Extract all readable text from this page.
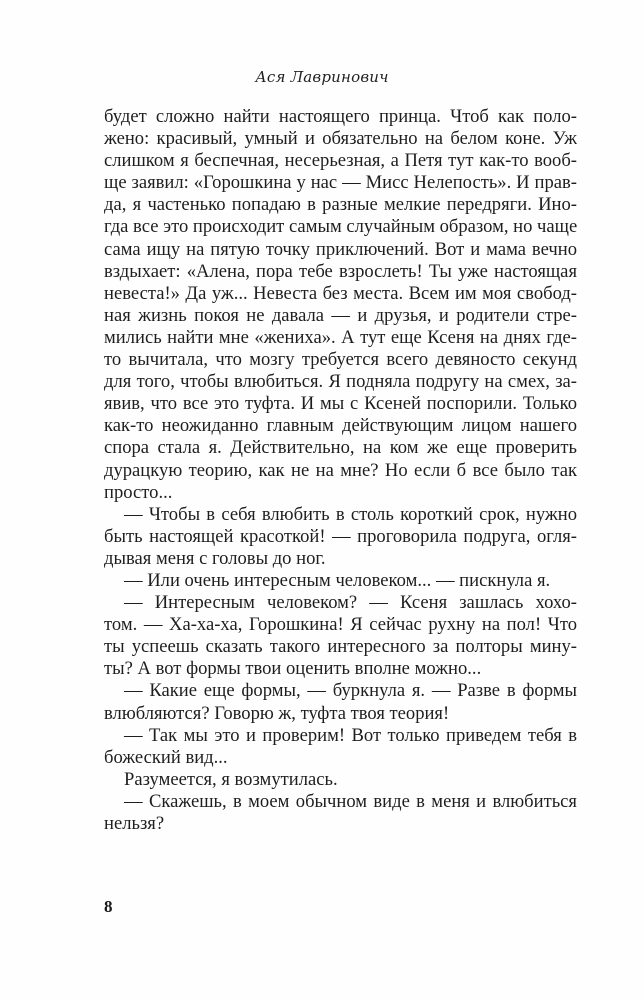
Ася Лавринович
будет сложно найти настоящего принца. Чтоб как поло-
жено: красивый, умный и обязательно на белом коне. Уж
слишком я беспечная, несерьезная, а Петя тут как-то вооб-
ще заявил: «Горошкина у нас — Мисс Нелепость». И прав-
да, я частенько попадаю в разные мелкие передряги. Ино-
гда все это происходит самым случайным образом, но чаще
сама ищу на пятую точку приключений. Вот и мама вечно
вздыхает: «Алена, пора тебе взрослеть! Ты уже настоящая
невеста!» Да уж... Невеста без места. Всем им моя свобод-
ная жизнь покоя не давала — и друзья, и родители стре-
мились найти мне «жениха». А тут еще Ксеня на днях где-
то вычитала, что мозгу требуется всего девяносто секунд
для того, чтобы влюбиться. Я подняла подругу на смех, за-
явив, что все это туфта. И мы с Ксеней поспорили. Только
как-то неожиданно главным действующим лицом нашего
спора стала я. Действительно, на ком же еще проверить
дурацкую теорию, как не на мне? Но если б все было так
просто...
— Чтобы в себя влюбить в столь короткий срок, нужно
быть настоящей красоткой! — проговорила подруга, огля-
дывая меня с головы до ног.
— Или очень интересным человеком... — пискнула я.
— Интересным человеком? — Ксеня зашлась хохо-
том. — Ха-ха-ха, Горошкина! Я сейчас рухну на пол! Что
ты успеешь сказать такого интересного за полторы мину-
ты? А вот формы твои оценить вполне можно...
— Какие еще формы, — буркнула я. — Разве в формы
влюбляются? Говорю ж, туфта твоя теория!
— Так мы это и проверим! Вот только приведем тебя в
божеский вид...
Разумеется, я возмутилась.
— Скажешь, в моем обычном виде в меня и влюбиться
нельзя?
8
